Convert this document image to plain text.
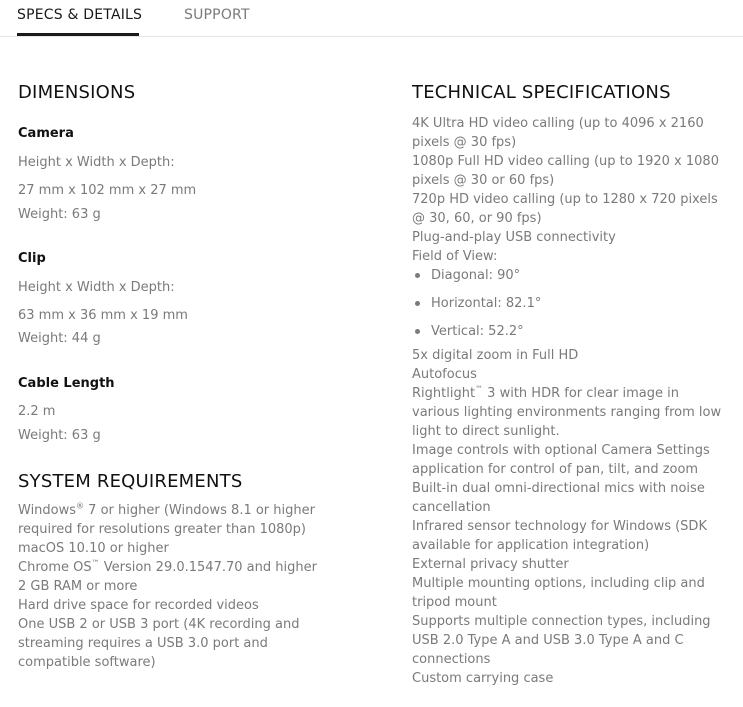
SPECS & DETAILS	SUPPORT
DIMENSIONS
Camera
Height x Width x Depth:
27 mm x 102 mm x 27 mm
Weight: 63 g
Clip
Height x Width x Depth:
63 mm x 36 mm x 19 mm
Weight: 44 g
Cable Length
2.2 m
Weight: 63 g
SYSTEM REQUIREMENTS

Windows® 7 or higher (Windows 8.1 or higher

required for resolutions greater than 1080p)

macOS 10.10 or higher

Chrome OS™ Version 29.0.1547.70 and higher

2 GB RAM or more

Hard drive space for recorded videos

One USB 2 or USB 3 port (4K recording and

streaming requires a USB 3.0 port and

compatible software)

TECHNICAL SPECIFICATIONS

4K Ultra HD video calling (up to 4096 x 2160

pixels @ 30 fps)

1080p Full HD video calling (up to 1920 x 1080

pixels @ 30 or 60 fps)

720p HD video calling (up to 1280 x 720 pixels

@ 30, 60, or 90 fps)

Plug-and-play USB connectivity

Field of View:

Diagonal: 90°
Horizontal: 82.1°
Vertical: 52.2°

5x digital zoom in Full HD

Autofocus

Rightlight™ 3 with HDR for clear image in

various lighting environments ranging from low

light to direct sunlight.

Image controls with optional Camera Settings

application for control of pan, tilt, and zoom

Built-in dual omni-directional mics with noise

cancellation

Infrared sensor technology for Windows (SDK

available for application integration)

External privacy shutter

Multiple mounting options, including clip and

tripod mount

Supports multiple connection types, including

USB 2.0 Type A and USB 3.0 Type A and C

connections

Custom carrying case
